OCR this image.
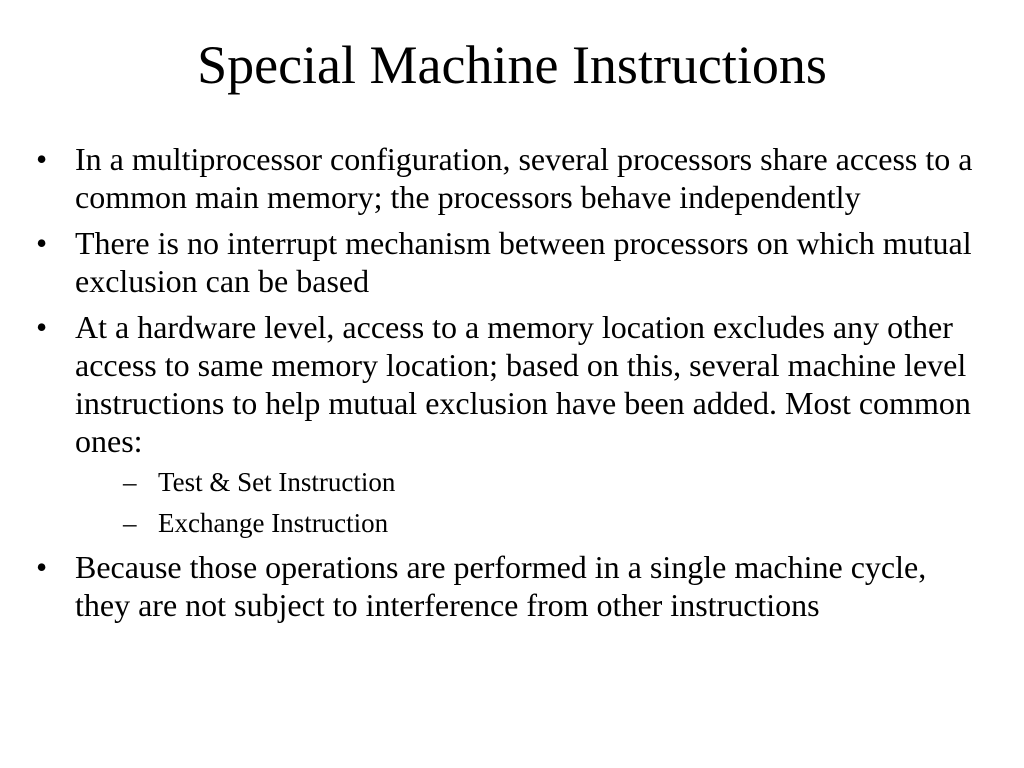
Special Machine Instructions
• In a multiprocessor configuration, several processors share access to a common main memory; the processors behave independently
• There is no interrupt mechanism between processors on which mutual exclusion can be based
• At a hardware level, access to a memory location excludes any other access to same memory location; based on this, several machine level instructions to help mutual exclusion have been added. Most common ones:
– Test & Set Instruction
– Exchange Instruction
• Because those operations are performed in a single machine cycle, they are not subject to interference from other instructions
